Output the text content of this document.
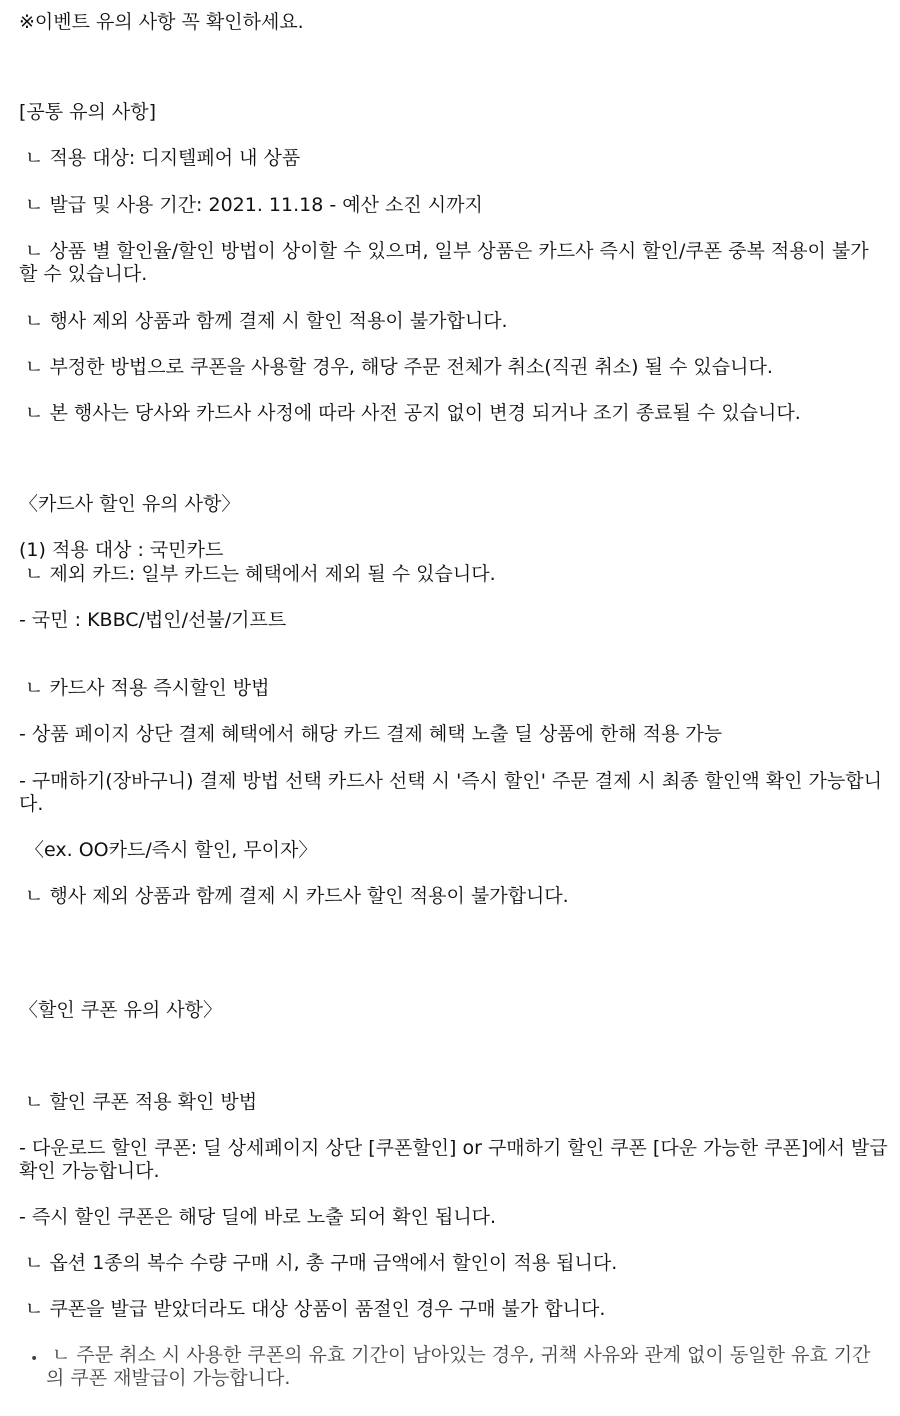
※이벤트 유의 사항 꼭 확인하세요.

[공통 유의 사항]

ㄴ 적용 대상: 디지텔페어 내 상품

ㄴ 발급 및 사용 기간: 2021. 11.18 - 예산 소진 시까지

ㄴ 상품 별 할인율/할인 방법이 상이할 수 있으며, 일부 상품은 카드사 즉시 할인/쿠폰 중복 적용이 불가 할 수 있습니다.

ㄴ 행사 제외 상품과 함께 결제 시 할인 적용이 불가합니다.

ㄴ 부정한 방법으로 쿠폰을 사용할 경우, 해당 주문 전체가 취소(직권 취소) 될 수 있습니다.

ㄴ 본 행사는 당사와 카드사 사정에 따라 사전 공지 없이 변경 되거나 조기 종료될 수 있습니다.

〈카드사 할인 유의 사항〉

(1) 적용 대상 : 국민카드

ㄴ 제외 카드: 일부 카드는 혜택에서 제외 될 수 있습니다.

- 국민 : KBBC/법인/선불/기프트

ㄴ 카드사 적용 즉시할인 방법

- 상품 페이지 상단 결제 혜택에서 해당 카드 결제 혜택 노출 딜 상품에 한해 적용 가능

- 구매하기(장바구니) 결제 방법 선택 카드사 선택 시 '즉시 할인' 주문 결제 시 최종 할인액 확인 가능합니다.

〈ex. OO카드/즉시 할인, 무이자〉

ㄴ 행사 제외 상품과 함께 결제 시 카드사 할인 적용이 불가합니다.

〈할인 쿠폰 유의 사항〉

ㄴ 할인 쿠폰 적용 확인 방법

- 다운로드 할인 쿠폰: 딜 상세페이지 상단 [쿠폰할인] or 구매하기 할인 쿠폰 [다운 가능한 쿠폰]에서 발급 확인 가능합니다.

- 즉시 할인 쿠폰은 해당 딜에 바로 노출 되어 확인 됩니다.

ㄴ 옵션 1종의 복수 수량 구매 시, 총 구매 금액에서 할인이 적용 됩니다.

ㄴ 쿠폰을 발급 받았더라도 대상 상품이 품절인 경우 구매 불가 합니다.

• ㄴ 주문 취소 시 사용한 쿠폰의 유효 기간이 남아있는 경우, 귀책 사유와 관계 없이 동일한 유효 기간의 쿠폰 재발급이 가능합니다.
